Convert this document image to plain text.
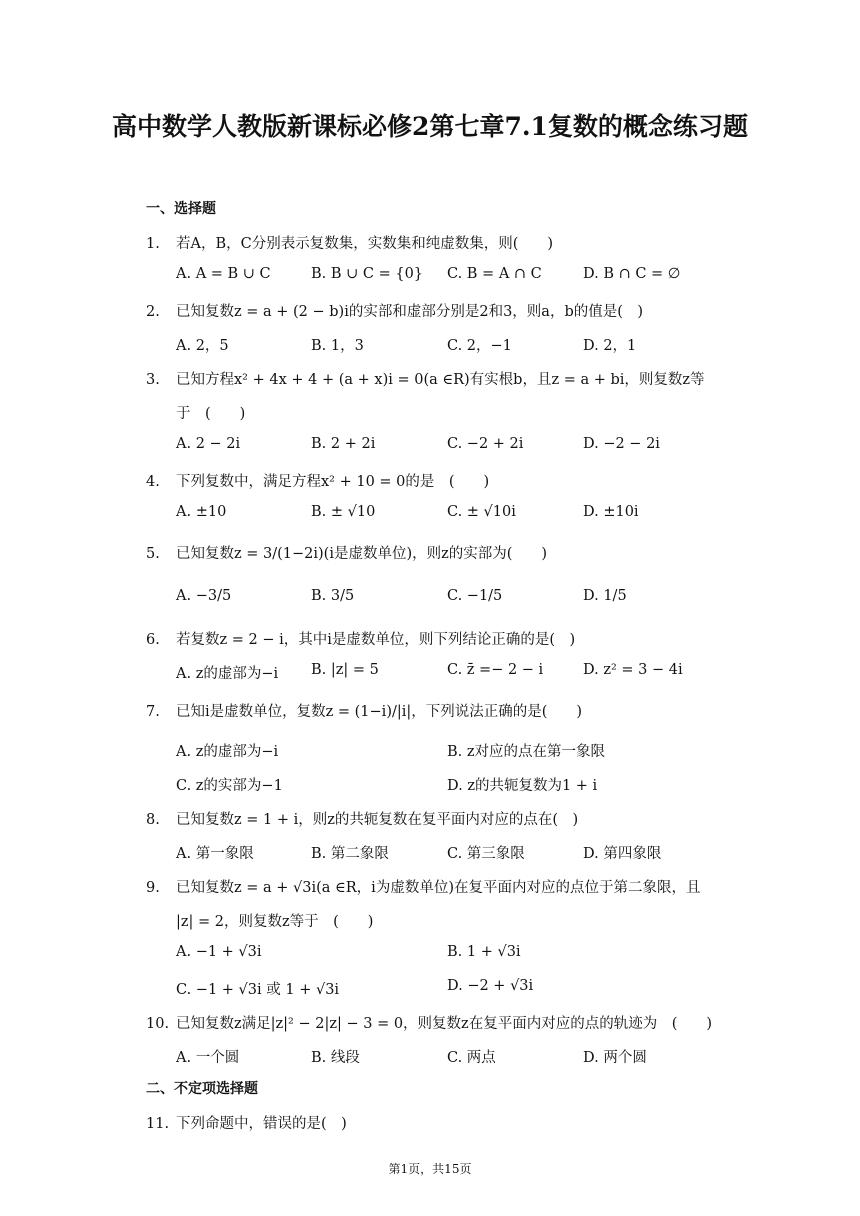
高中数学人教版新课标必修2第七章7.1复数的概念练习题
一、选择题
1. 若A，B，C分别表示复数集，实数集和纯虚数集，则(　　)
A. A = B ∪ C	B. B ∪ C = {0} C. B = A ∩ C	D. B ∩ C = ∅
2. 已知复数z = a + (2 − b)i的实部和虚部分别是2和3，则a，b的值是(　)
A. 2，5	B. 1，3	C. 2，−1	D. 2，1
3. 已知方程x² + 4x + 4 + (a + x)i = 0(a ∈R)有实根b，且z = a + bi，则复数z等
于　(　　)
A. 2 − 2i	B. 2 + 2i	C. −2 + 2i	D. −2 − 2i
4. 下列复数中，满足方程x² + 10 = 0的是　(　　)
A. ±10	B. ± √10	C. ± √10i	D. ±10i
5. 已知复数z = 3/(1−2i)(i是虚数单位)，则z的实部为(　　)
A. −3/5	B. 3/5	C. −1/5	D. 1/5
6. 若复数z = 2 − i，其中i是虚数单位，则下列结论正确的是(　)
A. z的虚部为−i B. |z| = 5	C. z̄ =− 2 − i	D. z² = 3 − 4i
7. 已知i是虚数单位，复数z = (1−i)/|i|，下列说法正确的是(　　)
A. z的虚部为−i	B. z对应的点在第一象限
C. z的实部为−1	D. z的共轭复数为1 + i
8. 已知复数z = 1 + i，则z的共轭复数在复平面内对应的点在(　)
A. 第一象限	B. 第二象限	C. 第三象限	D. 第四象限
9. 已知复数z = a + √3i(a ∈R，i为虚数单位)在复平面内对应的点位于第二象限，且
|z| = 2，则复数z等于　(　　)
A. −1 + √3i	B. 1 + √3i
C. −1 + √3i 或 1 + √3i	D. −2 + √3i
10. 已知复数z满足|z|² − 2|z| − 3 = 0，则复数z在复平面内对应的点的轨迹为　(　　)
A. 一个圆	B. 线段	C. 两点	D. 两个圆
二、不定项选择题
11. 下列命题中，错误的是(　)
第1页，共15页
